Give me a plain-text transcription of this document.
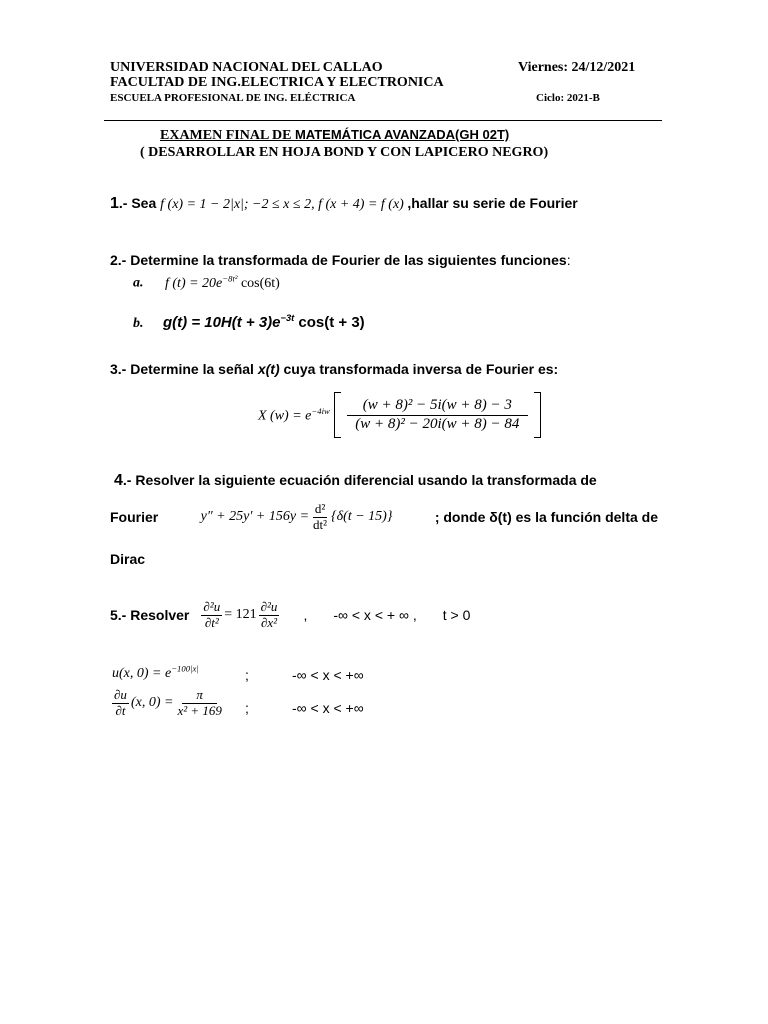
UNIVERSIDAD NACIONAL DEL CALLAO
FACULTAD DE ING.ELECTRICA Y ELECTRONICA
ESCUELA PROFESIONAL DE ING. ELÉCTRICA
Viernes: 24/12/2021
Ciclo: 2021-B
EXAMEN FINAL DE MATEMÁTICA AVANZADA(GH 02T)
( DESARROLLAR EN HOJA BOND Y CON LAPICERO NEGRO)
1.- Sea f (x) = 1 − 2|x|; −2 ≤ x ≤ 2, f (x + 4) = f (x) ,hallar su serie de Fourier
2.- Determine la transformada de Fourier de las siguientes funciones:
a. f $(t) = 20e^{-8t^2}$ cos(6t)
b. $g(t) = 10H(t + 3)e^{-3t}$ cos(t + 3)
3.- Determine la señal x(t) cuya transformada inversa de Fourier es:
X $(w) = e^{-4iw} \frac{\text{(w + 8)² − 5i(w + 8) − 3}}{\text{(w + 8)² − 20i(w + 8) − 84}}$
4.- Resolver la siguiente ecuación diferencial usando la transformada de
Fourier	$y'' + 25y' + 156y = \frac{\text{d²}}{\text{dt²}} \{\delta(t - 15)\}$	; donde δ(t) es la función delta de
Dirac
5.- Resolver $\frac{\text{∂²u}}{\text{∂t²}} = 121 \frac{\text{∂²u}}{\text{∂x²}}$ , -∞ < x < + ∞ , t > 0
u(x, $0) = e^{-100|x|}$	;	-∞ < x < +∞
$\frac{\partial u}{\partial t} (x$, $0) = \frac{\pi}{\text{x² + 169}}$ ;	-∞ < x < +∞
